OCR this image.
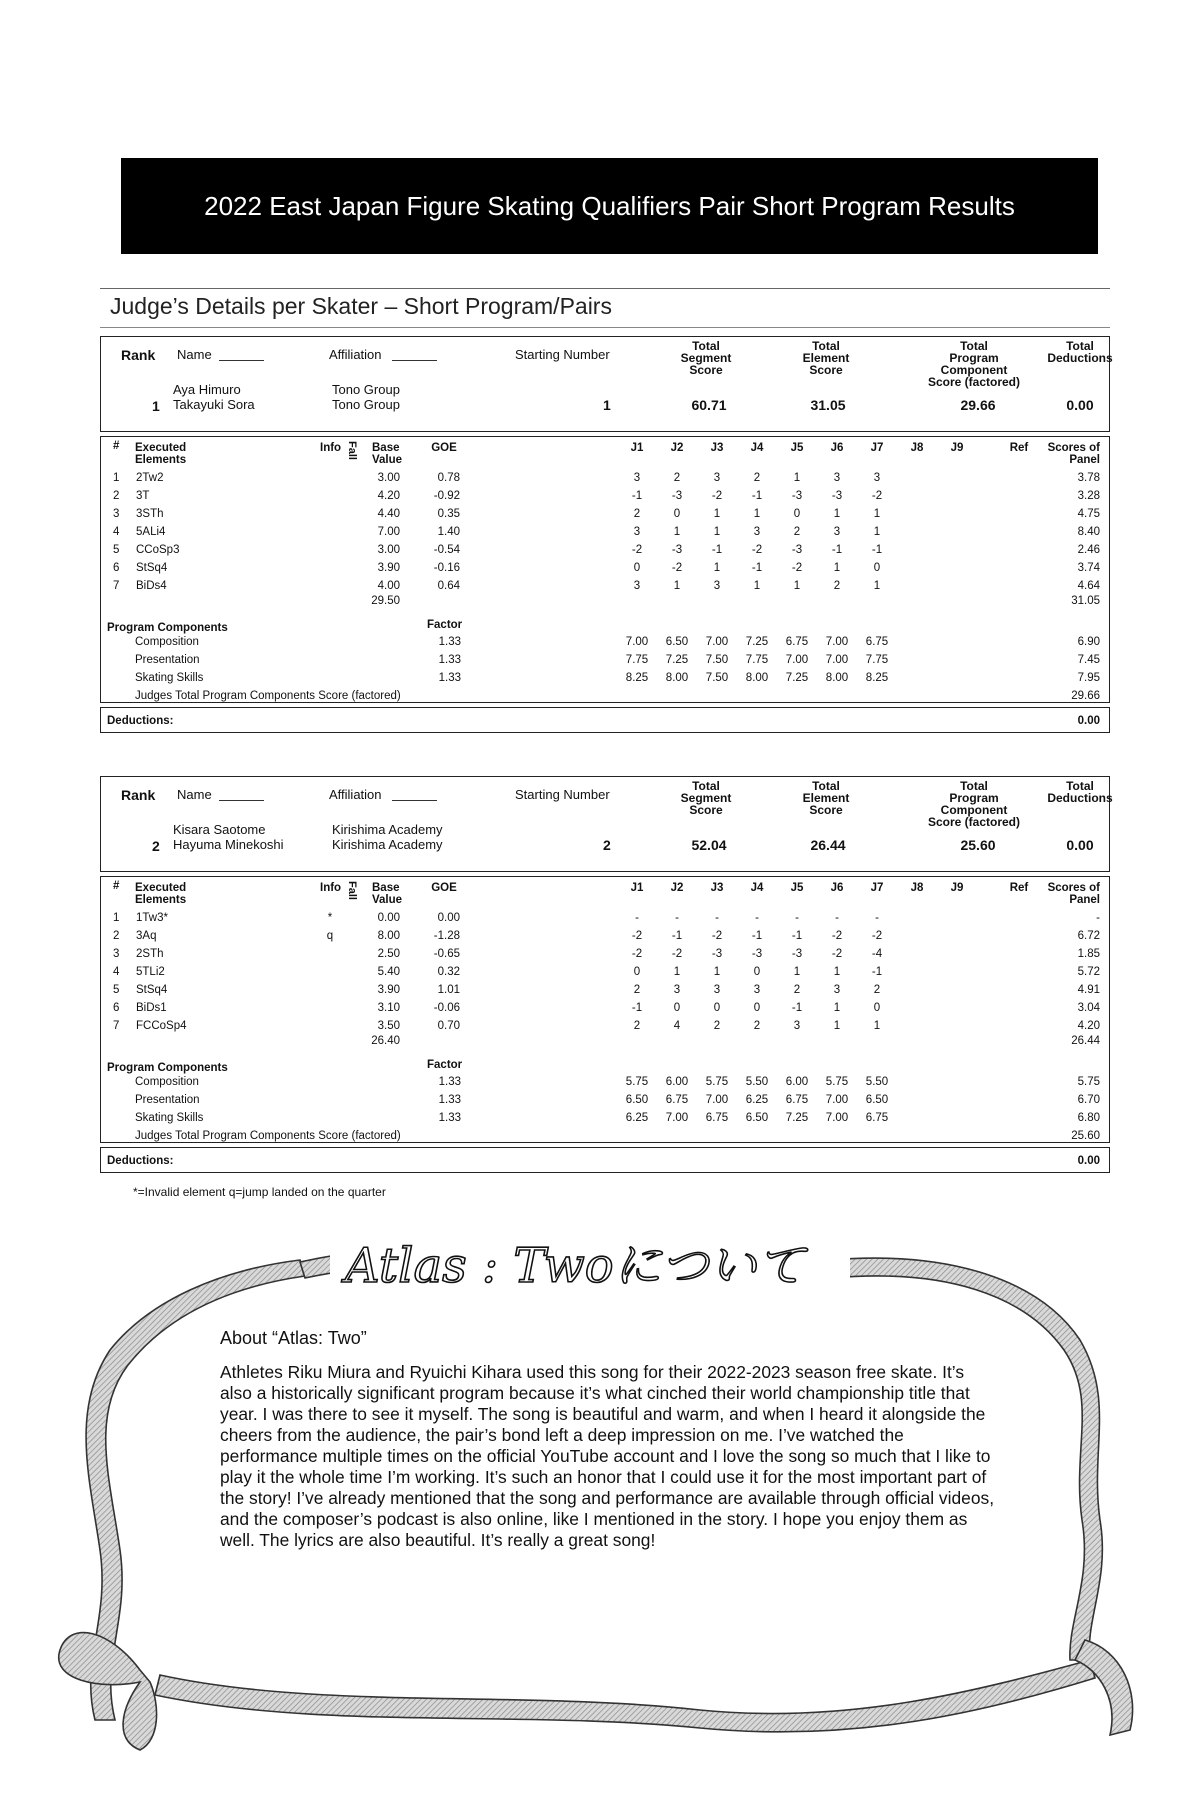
2022 East Japan Figure Skating Qualifiers Pair Short Program Results
Judge’s Details per Skater – Short Program/Pairs
Rank Name	Affiliation	Starting Number
Total
Segment
Score
Total
Element
Score
Total
Program
Component
Score (factored)
Total
Deductions
Aya Himuro
Takayuki Sora
Tono Group
Tono Group
1	1	60.71	31.05	29.66	0.00
# Executed
Elements
Info Fall Base
Value
GOE	J1 J2 J3 J4 J5 J6 J7 J8 J9	Ref Scores of
Panel
1 2Tw2	3.00	0.78	3	2	3	2	1	3	3	3.78
2 3T	4.20	-0.92	-1	-3	-2	-1	-3	-3	-2	3.28
3 3STh	4.40	0.35	2	0	1	1	0	1	1	4.75
4 5ALi4	7.00	1.40	3	1	1	3	2	3	1	8.40
5 CCoSp3	3.00	-0.54	-2	-3	-1	-2	-3	-1	-1	2.46
6 StSq4	3.90	-0.16	0	-2	1	-1	-2	1	0	3.74
7 BiDs4	4.00	0.64	3	1	3	1	1	2	1	4.64
29.50	31.05
Program Components	Factor
Composition	1.33	7.00 6.50 7.00 7.25 6.75 7.00 6.75	6.90
Presentation	1.33	7.75 7.25 7.50 7.75 7.00 7.00 7.75	7.45
Skating Skills	1.33	8.25 8.00 7.50 8.00 7.25 8.00 8.25	7.95
Judges Total Program Components Score (factored)	29.66
Deductions:	0.00
Rank Name	Affiliation	Starting Number
Total
Segment
Score
Total
Element
Score
Total
Program
Component
Score (factored)
Total
Deductions
Kisara Saotome
Hayuma Minekoshi
Kirishima Academy
Kirishima Academy
2	2	52.04	26.44	25.60	0.00
# Executed
Elements
Info Fall Base
Value
GOE	J1 J2 J3 J4 J5 J6 J7 J8 J9	Ref Scores of
Panel
1 1Tw3*	*	0.00	0.00	-	-	-	-	-	-	-	-
2 3Aq	q	8.00	-1.28	-2	-1	-2	-1	-1	-2	-2	6.72
3 2STh	2.50	-0.65	-2	-2	-3	-3	-3	-2	-4	1.85
4 5TLi2	5.40	0.32	0	1	1	0	1	1	-1	5.72
5 StSq4	3.90	1.01	2	3	3	3	2	3	2	4.91
6 BiDs1	3.10	-0.06	-1	0	0	0	-1	1	0	3.04
7 FCCoSp4	3.50	0.70	2	4	2	2	3	1	1	4.20
26.40	26.44
Program Components	Factor
Composition	1.33	5.75 6.00 5.75 5.50 6.00 5.75 5.50	5.75
Presentation	1.33	6.50 6.75 7.00 6.25 6.75 7.00 6.50	6.70
Skating Skills	1.33	6.25 7.00 6.75 6.50 7.25 7.00 6.75	6.80
Judges Total Program Components Score (factored)	25.60
Deductions:	0.00
*=Invalid element q=jump landed on the quarter
Atlas : Twoについて
About “Atlas: Two”
Athletes Riku Miura and Ryuichi Kihara used this song for their 2022-2023 season free skate. It’s also a historically significant program because it’s what cinched their world championship title that year. I was there to see it myself. The song is beautiful and warm, and when I heard it alongside the cheers from the audience, the pair’s bond left a deep impression on me. I’ve watched the performance multiple times on the official YouTube account and I love the song so much that I like to play it the whole time I’m working. It’s such an honor that I could use it for the most important part of the story! I’ve already mentioned that the song and performance are available through official videos, and the composer’s podcast is also online, like I mentioned in the story. I hope you enjoy them as well. The lyrics are also beautiful. It’s really a great song!
